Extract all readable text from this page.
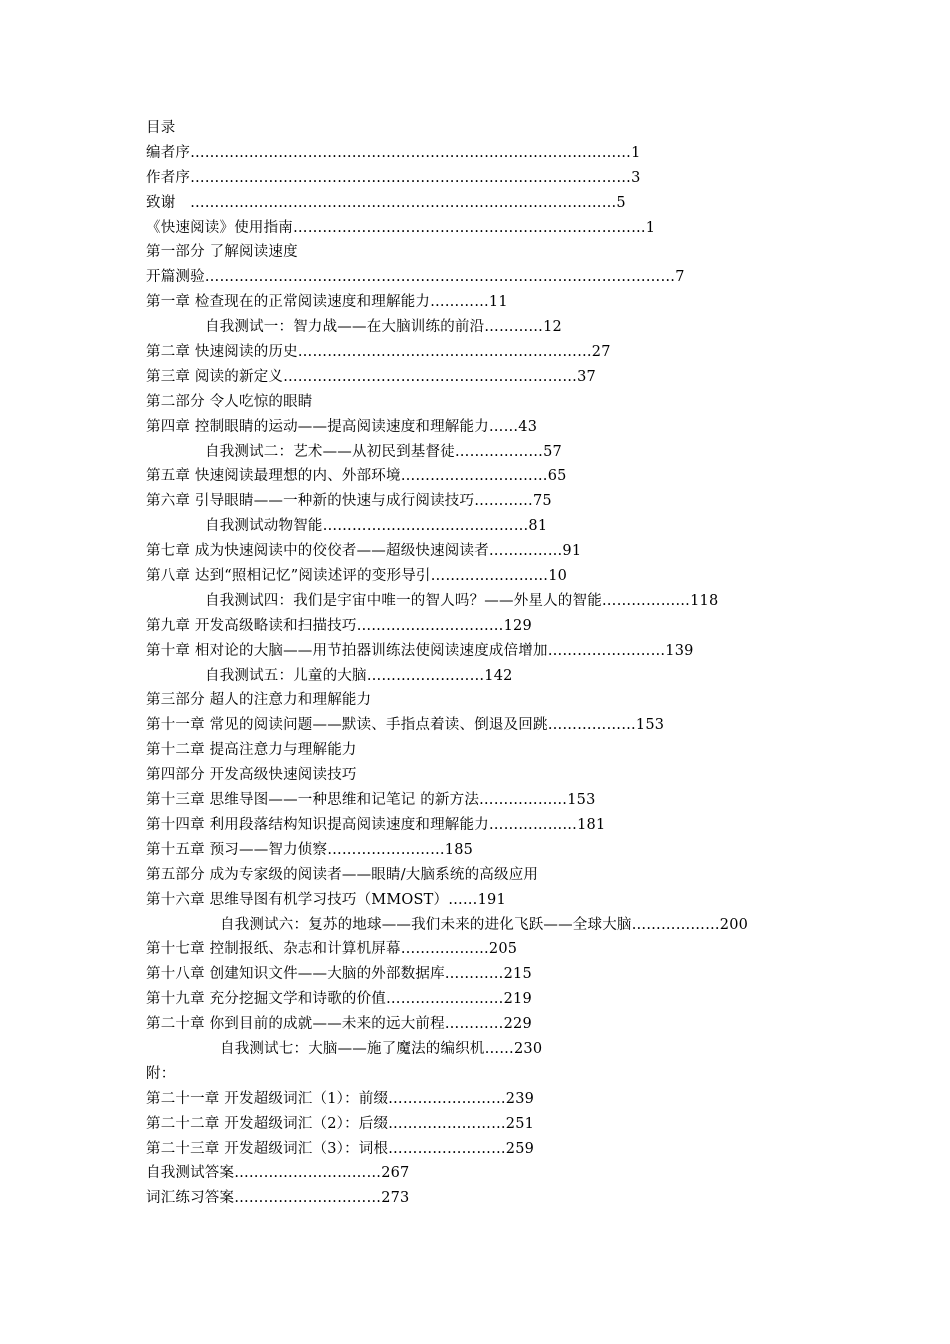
目录
编者序………………………………………………………………………………1
作者序………………………………………………………………………………3
致谢　……………………………………………………………………………5
《快速阅读》使用指南………………………………………………………………1
第一部分 了解阅读速度
开篇测验……………………………………………………………………………………7
第一章 检查现在的正常阅读速度和理解能力…………11
自我测试一：智力战——在大脑训练的前沿…………12
第二章 快速阅读的历史……………………………………………………27
第三章 阅读的新定义……………………………………………………37
第二部分 令人吃惊的眼睛
第四章 控制眼睛的运动——提高阅读速度和理解能力……43
自我测试二：艺术——从初民到基督徒………………57
第五章 快速阅读最理想的内、外部环境…………………………65
第六章 引导眼睛——一种新的快速与成行阅读技巧…………75
自我测试动物智能……………………………………81
第七章 成为快速阅读中的佼佼者——超级快速阅读者……………91
第八章 达到“照相记忆”阅读述评的变形导引……………………10
自我测试四：我们是宇宙中唯一的智人吗？——外星人的智能………………118
第九章 开发高级略读和扫描技巧…………………………129
第十章 相对论的大脑——用节拍器训练法使阅读速度成倍增加……………………139
自我测试五：儿童的大脑……………………142
第三部分 超人的注意力和理解能力
第十一章 常见的阅读问题——默读、手指点着读、倒退及回跳………………153
第十二章 提高注意力与理解能力
第四部分 开发高级快速阅读技巧
第十三章 思维导图——一种思维和记笔记 的新方法………………153
第十四章 利用段落结构知识提高阅读速度和理解能力………………181
第十五章 预习——智力侦察……………………185
第五部分 成为专家级的阅读者——眼睛/大脑系统的高级应用
第十六章 思维导图有机学习技巧（MMOST）……191
自我测试六：复苏的地球——我们未来的进化飞跃——全球大脑………………200
第十七章 控制报纸、杂志和计算机屏幕………………205
第十八章 创建知识文件——大脑的外部数据库…………215
第十九章 充分挖掘文学和诗歌的价值……………………219
第二十章 你到目前的成就——未来的远大前程…………229
自我测试七：大脑——施了魔法的编织机……230
附：
第二十一章 开发超级词汇（1）：前缀……………………239
第二十二章 开发超级词汇（2）：后缀……………………251
第二十三章 开发超级词汇（3）：词根……………………259
自我测试答案…………………………267
词汇练习答案…………………………273
